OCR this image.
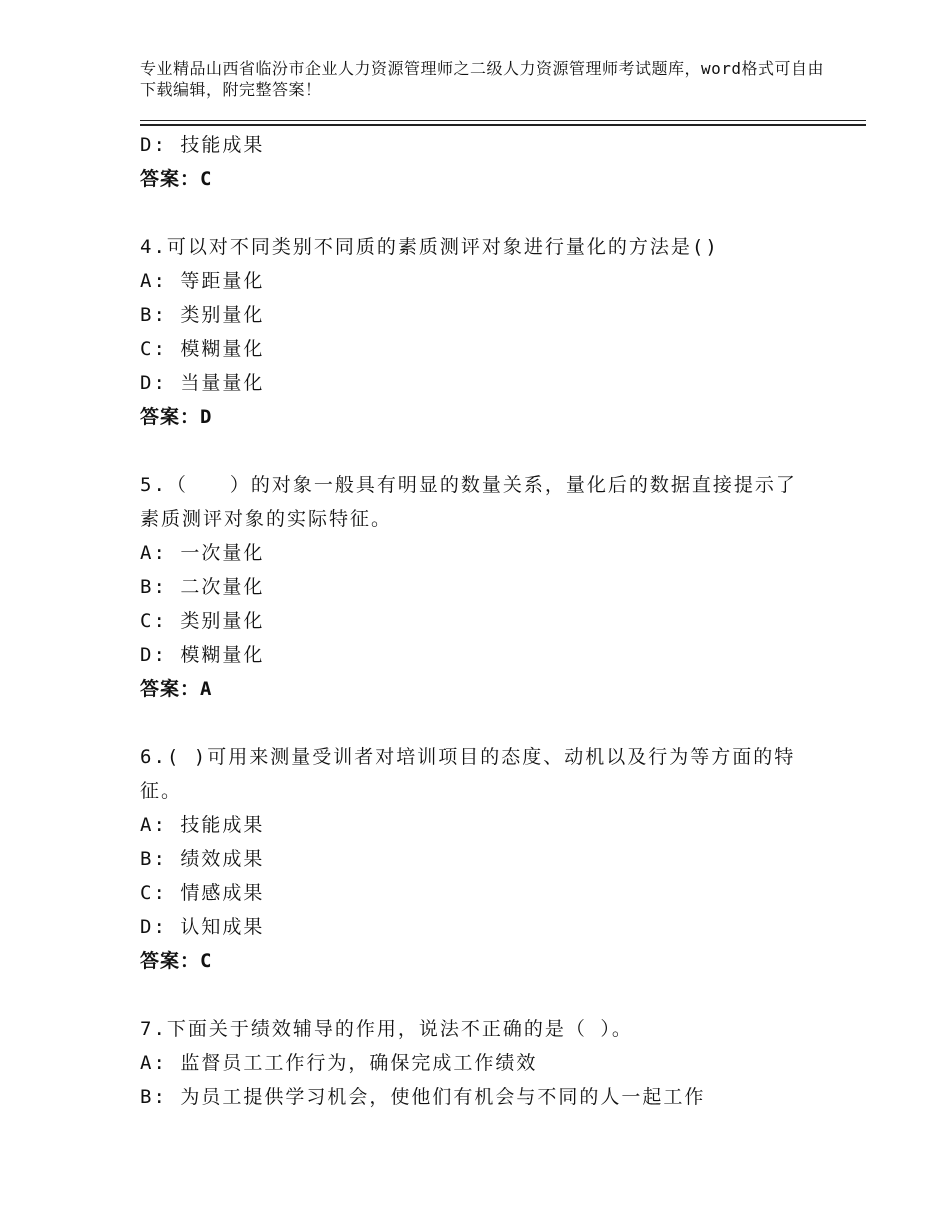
专业精品山西省临汾市企业人力资源管理师之二级人力资源管理师考试题库，word格式可自由下载编辑，附完整答案！
D: 技能成果
答案：C
4.可以对不同类别不同质的素质测评对象进行量化的方法是()
A: 等距量化
B: 类别量化
C: 模糊量化
D: 当量量化
答案：D
5.（　　）的对象一般具有明显的数量关系，量化后的数据直接提示了素质测评对象的实际特征。
A: 一次量化
B: 二次量化
C: 类别量化
D: 模糊量化
答案：A
6.( )可用来测量受训者对培训项目的态度、动机以及行为等方面的特征。
A: 技能成果
B: 绩效成果
C: 情感成果
D: 认知成果
答案：C
7.下面关于绩效辅导的作用，说法不正确的是（ ）。
A: 监督员工工作行为，确保完成工作绩效
B: 为员工提供学习机会，使他们有机会与不同的人一起工作
